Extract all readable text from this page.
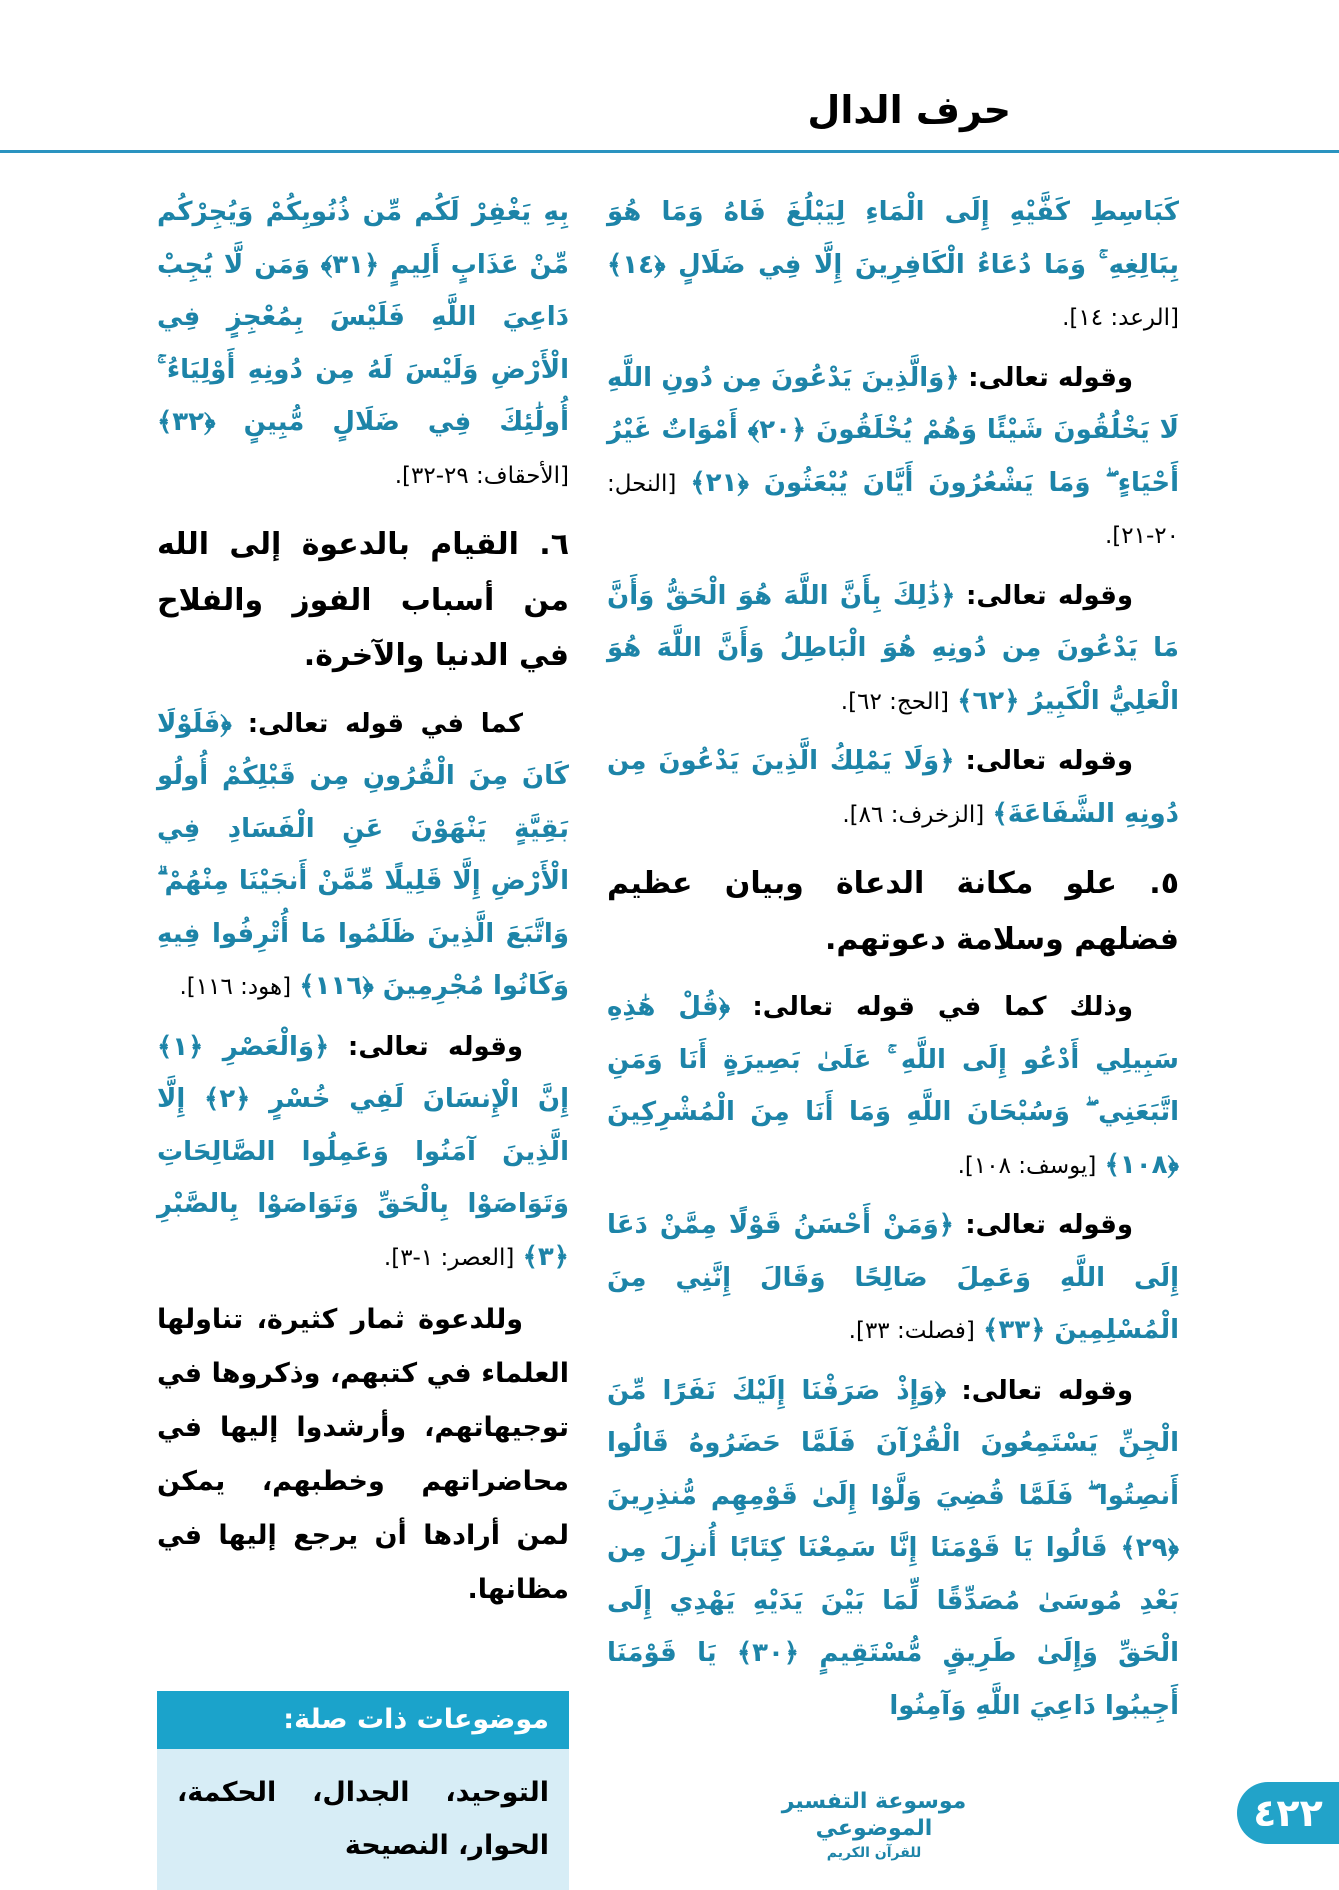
حرف الدال

كَبَاسِطِ كَفَّيْهِ إِلَى الْمَاءِ لِيَبْلُغَ فَاهُ وَمَا هُوَ بِبَالِغِهِ ۚ وَمَا دُعَاءُ الْكَافِرِينَ إِلَّا فِي ضَلَالٍ ﴿١٤﴾ [الرعد: ١٤].

وقوله تعالى: ﴿وَالَّذِينَ يَدْعُونَ مِن دُونِ اللَّهِ لَا يَخْلُقُونَ شَيْئًا وَهُمْ يُخْلَقُونَ ﴿٢٠﴾ أَمْوَاتٌ غَيْرُ أَحْيَاءٍ ۖ وَمَا يَشْعُرُونَ أَيَّانَ يُبْعَثُونَ ﴿٢١﴾ [النحل: ٢٠-٢١].

وقوله تعالى: ﴿ذَٰلِكَ بِأَنَّ اللَّهَ هُوَ الْحَقُّ وَأَنَّ مَا يَدْعُونَ مِن دُونِهِ هُوَ الْبَاطِلُ وَأَنَّ اللَّهَ هُوَ الْعَلِيُّ الْكَبِيرُ ﴿٦٢﴾ [الحج: ٦٢].

وقوله تعالى: ﴿وَلَا يَمْلِكُ الَّذِينَ يَدْعُونَ مِن دُونِهِ الشَّفَاعَةَ﴾ [الزخرف: ٨٦].

٥. علو مكانة الدعاة وبيان عظيم فضلهم وسلامة دعوتهم.

وذلك كما في قوله تعالى: ﴿قُلْ هَٰذِهِ سَبِيلِي أَدْعُو إِلَى اللَّهِ ۚ عَلَىٰ بَصِيرَةٍ أَنَا وَمَنِ اتَّبَعَنِي ۖ وَسُبْحَانَ اللَّهِ وَمَا أَنَا مِنَ الْمُشْرِكِينَ ﴿١٠٨﴾ [يوسف: ١٠٨].

وقوله تعالى: ﴿وَمَنْ أَحْسَنُ قَوْلًا مِمَّنْ دَعَا إِلَى اللَّهِ وَعَمِلَ صَالِحًا وَقَالَ إِنَّنِي مِنَ الْمُسْلِمِينَ ﴿٣٣﴾ [فصلت: ٣٣].

وقوله تعالى: ﴿وَإِذْ صَرَفْنَا إِلَيْكَ نَفَرًا مِّنَ الْجِنِّ يَسْتَمِعُونَ الْقُرْآنَ فَلَمَّا حَضَرُوهُ قَالُوا أَنصِتُوا ۖ فَلَمَّا قُضِيَ وَلَّوْا إِلَىٰ قَوْمِهِم مُّنذِرِينَ ﴿٢٩﴾ قَالُوا يَا قَوْمَنَا إِنَّا سَمِعْنَا كِتَابًا أُنزِلَ مِن بَعْدِ مُوسَىٰ مُصَدِّقًا لِّمَا بَيْنَ يَدَيْهِ يَهْدِي إِلَى الْحَقِّ وَإِلَىٰ طَرِيقٍ مُّسْتَقِيمٍ ﴿٣٠﴾ يَا قَوْمَنَا أَجِيبُوا دَاعِيَ اللَّهِ وَآمِنُوا

بِهِ يَغْفِرْ لَكُم مِّن ذُنُوبِكُمْ وَيُجِرْكُم مِّنْ عَذَابٍ أَلِيمٍ ﴿٣١﴾ وَمَن لَّا يُجِبْ دَاعِيَ اللَّهِ فَلَيْسَ بِمُعْجِزٍ فِي الْأَرْضِ وَلَيْسَ لَهُ مِن دُونِهِ أَوْلِيَاءُ ۚ أُولَٰئِكَ فِي ضَلَالٍ مُّبِينٍ ﴿٣٢﴾ [الأحقاف: ٢٩-٣٢].

٦. القيام بالدعوة إلى الله من أسباب الفوز والفلاح في الدنيا والآخرة.

كما في قوله تعالى: ﴿فَلَوْلَا كَانَ مِنَ الْقُرُونِ مِن قَبْلِكُمْ أُولُو بَقِيَّةٍ يَنْهَوْنَ عَنِ الْفَسَادِ فِي الْأَرْضِ إِلَّا قَلِيلًا مِّمَّنْ أَنجَيْنَا مِنْهُمْ ۗ وَاتَّبَعَ الَّذِينَ ظَلَمُوا مَا أُتْرِفُوا فِيهِ وَكَانُوا مُجْرِمِينَ ﴿١١٦﴾ [هود: ١١٦].

وقوله تعالى: ﴿وَالْعَصْرِ ﴿١﴾ إِنَّ الْإِنسَانَ لَفِي خُسْرٍ ﴿٢﴾ إِلَّا الَّذِينَ آمَنُوا وَعَمِلُوا الصَّالِحَاتِ وَتَوَاصَوْا بِالْحَقِّ وَتَوَاصَوْا بِالصَّبْرِ ﴿٣﴾ [العصر: ١-٣].

وللدعوة ثمار كثيرة، تناولها العلماء في كتبهم، وذكروها في توجيهاتهم، وأرشدوا إليها في محاضراتهم وخطبهم، يمكن لمن أرادها أن يرجع إليها في مظانها.

موضوعات ذات صلة:
التوحيد، الجدال، الحكمة، الحوار، النصيحة
موسوعة التفسير الموضوعي
للقرآن الكريم
٤٢٢
